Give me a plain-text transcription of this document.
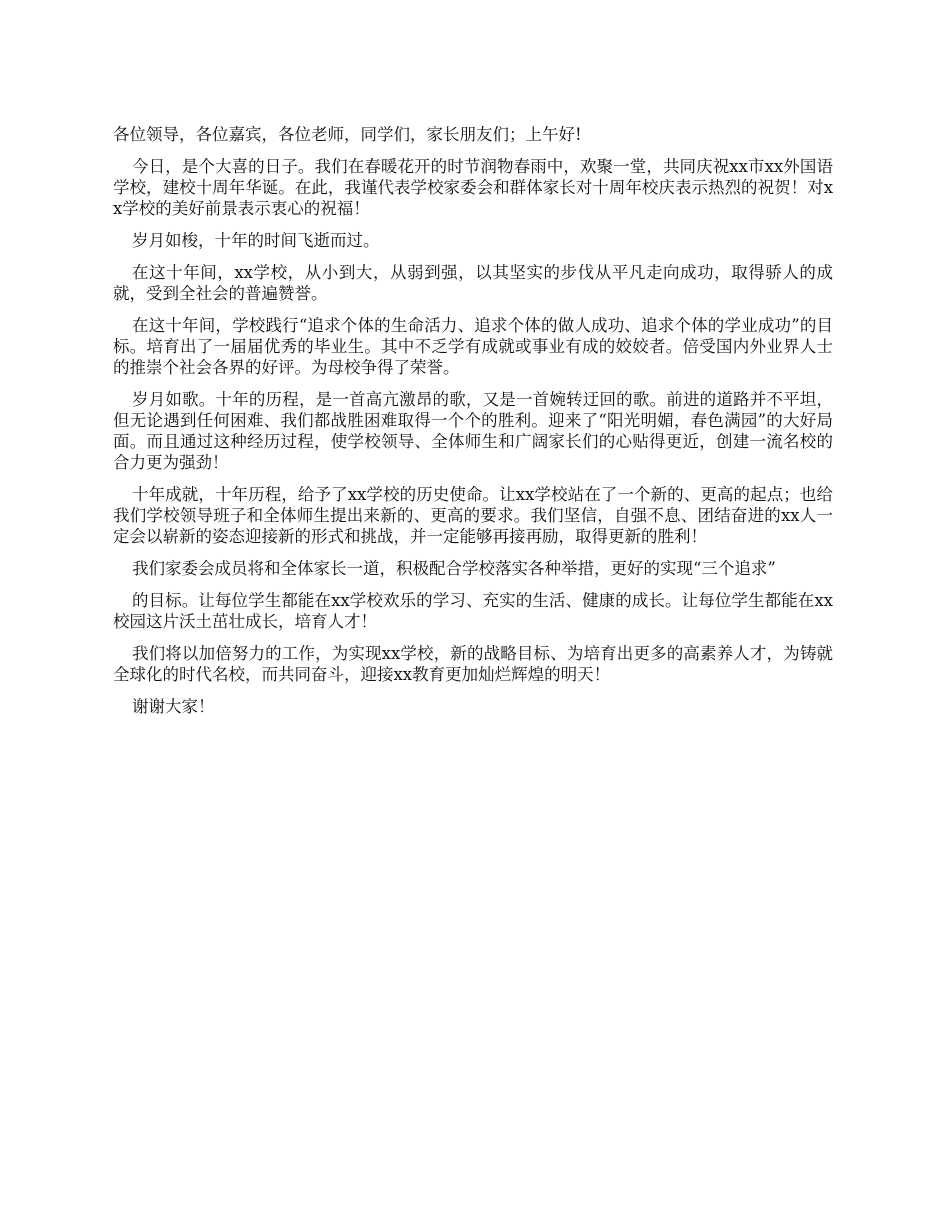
各位领导，各位嘉宾，各位老师，同学们，家长朋友们；上午好!

今日，是个大喜的日子。我们在春暖花开的时节润物春雨中，欢聚一堂，共同庆祝xx市xx外国语学校，建校十周年华诞。在此，我谨代表学校家委会和群体家长对十周年校庆表示热烈的祝贺！对xx学校的美好前景表示衷心的祝福！

岁月如梭，十年的时间飞逝而过。

在这十年间，xx学校，从小到大，从弱到强，以其坚实的步伐从平凡走向成功，取得骄人的成就，受到全社会的普遍赞誉。

在这十年间，学校践行“追求个体的生命活力、追求个体的做人成功、追求个体的学业成功”的目标。培育出了一届届优秀的毕业生。其中不乏学有成就或事业有成的姣姣者。倍受国内外业界人士的推崇个社会各界的好评。为母校争得了荣誉。

岁月如歌。十年的历程，是一首高亢激昂的歌，又是一首婉转迂回的歌。前进的道路并不平坦，但无论遇到任何困难、我们都战胜困难取得一个个的胜利。迎来了“阳光明媚，春色满园”的大好局面。而且通过这种经历过程，使学校领导、全体师生和广阔家长们的心贴得更近，创建一流名校的合力更为强劲！

十年成就，十年历程，给予了xx学校的历史使命。让xx学校站在了一个新的、更高的起点；也给我们学校领导班子和全体师生提出来新的、更高的要求。我们坚信，自强不息、团结奋进的xx人一定会以崭新的姿态迎接新的形式和挑战，并一定能够再接再励，取得更新的胜利！

我们家委会成员将和全体家长一道，积极配合学校落实各种举措，更好的实现“三个追求”

的目标。让每位学生都能在xx学校欢乐的学习、充实的生活、健康的成长。让每位学生都能在xx校园这片沃土茁壮成长，培育人才！

我们将以加倍努力的工作，为实现xx学校，新的战略目标、为培育出更多的高素养人才，为铸就全球化的时代名校，而共同奋斗，迎接xx教育更加灿烂辉煌的明天！

谢谢大家！
